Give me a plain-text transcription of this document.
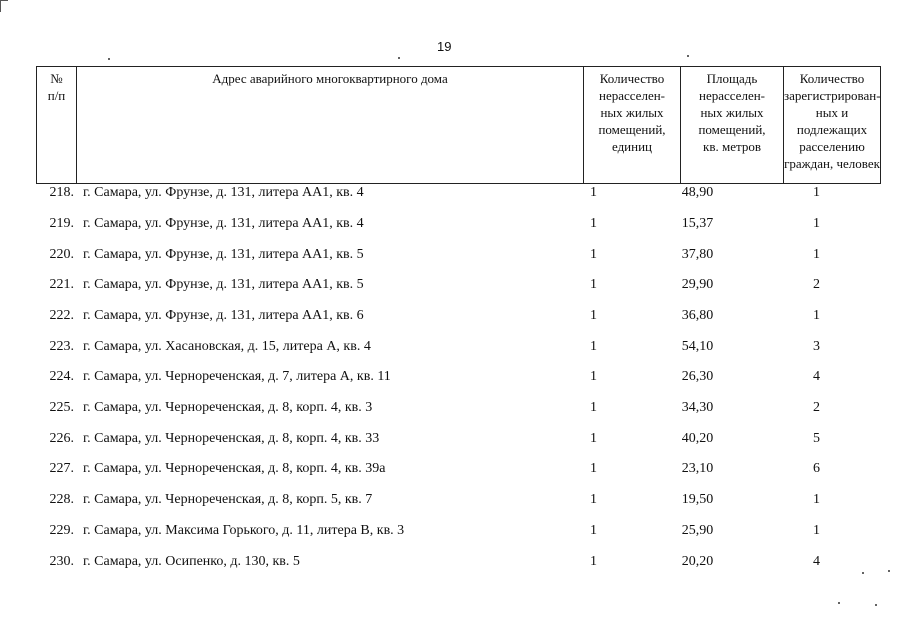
19
№
п/п	Адрес аварийного многоквартирного дома	Количество
нерасселен-
ных жилых
помещений,
единиц	Площадь
нерасселен-
ных жилых
помещений,
кв. метров	Количество
зарегистрирован-
ных и
подлежащих
расселению
граждан, человек
218. г. Самара, ул. Фрунзе, д. 131, литера АА1, кв. 4	1	48,90	1
219. г. Самара, ул. Фрунзе, д. 131, литера АА1, кв. 4	1	15,37	1
220. г. Самара, ул. Фрунзе, д. 131, литера АА1, кв. 5	1	37,80	1
221. г. Самара, ул. Фрунзе, д. 131, литера АА1, кв. 5	1	29,90	2
222. г. Самара, ул. Фрунзе, д. 131, литера АА1, кв. 6	1	36,80	1
223. г. Самара, ул. Хасановская, д. 15, литера А, кв. 4	1	54,10	3
224. г. Самара, ул. Чернореченская, д. 7, литера А, кв. 11	1	26,30	4
225. г. Самара, ул. Чернореченская, д. 8, корп. 4, кв. 3	1	34,30	2
226. г. Самара, ул. Чернореченская, д. 8, корп. 4, кв. 33	1	40,20	5
227. г. Самара, ул. Чернореченская, д. 8, корп. 4, кв. 39а	1	23,10	6
228. г. Самара, ул. Чернореченская, д. 8, корп. 5, кв. 7	1	19,50	1
229. г. Самара, ул. Максима Горького, д. 11, литера В, кв. 3	1	25,90	1
230. г. Самара, ул. Осипенко, д. 130, кв. 5	1	20,20	4
